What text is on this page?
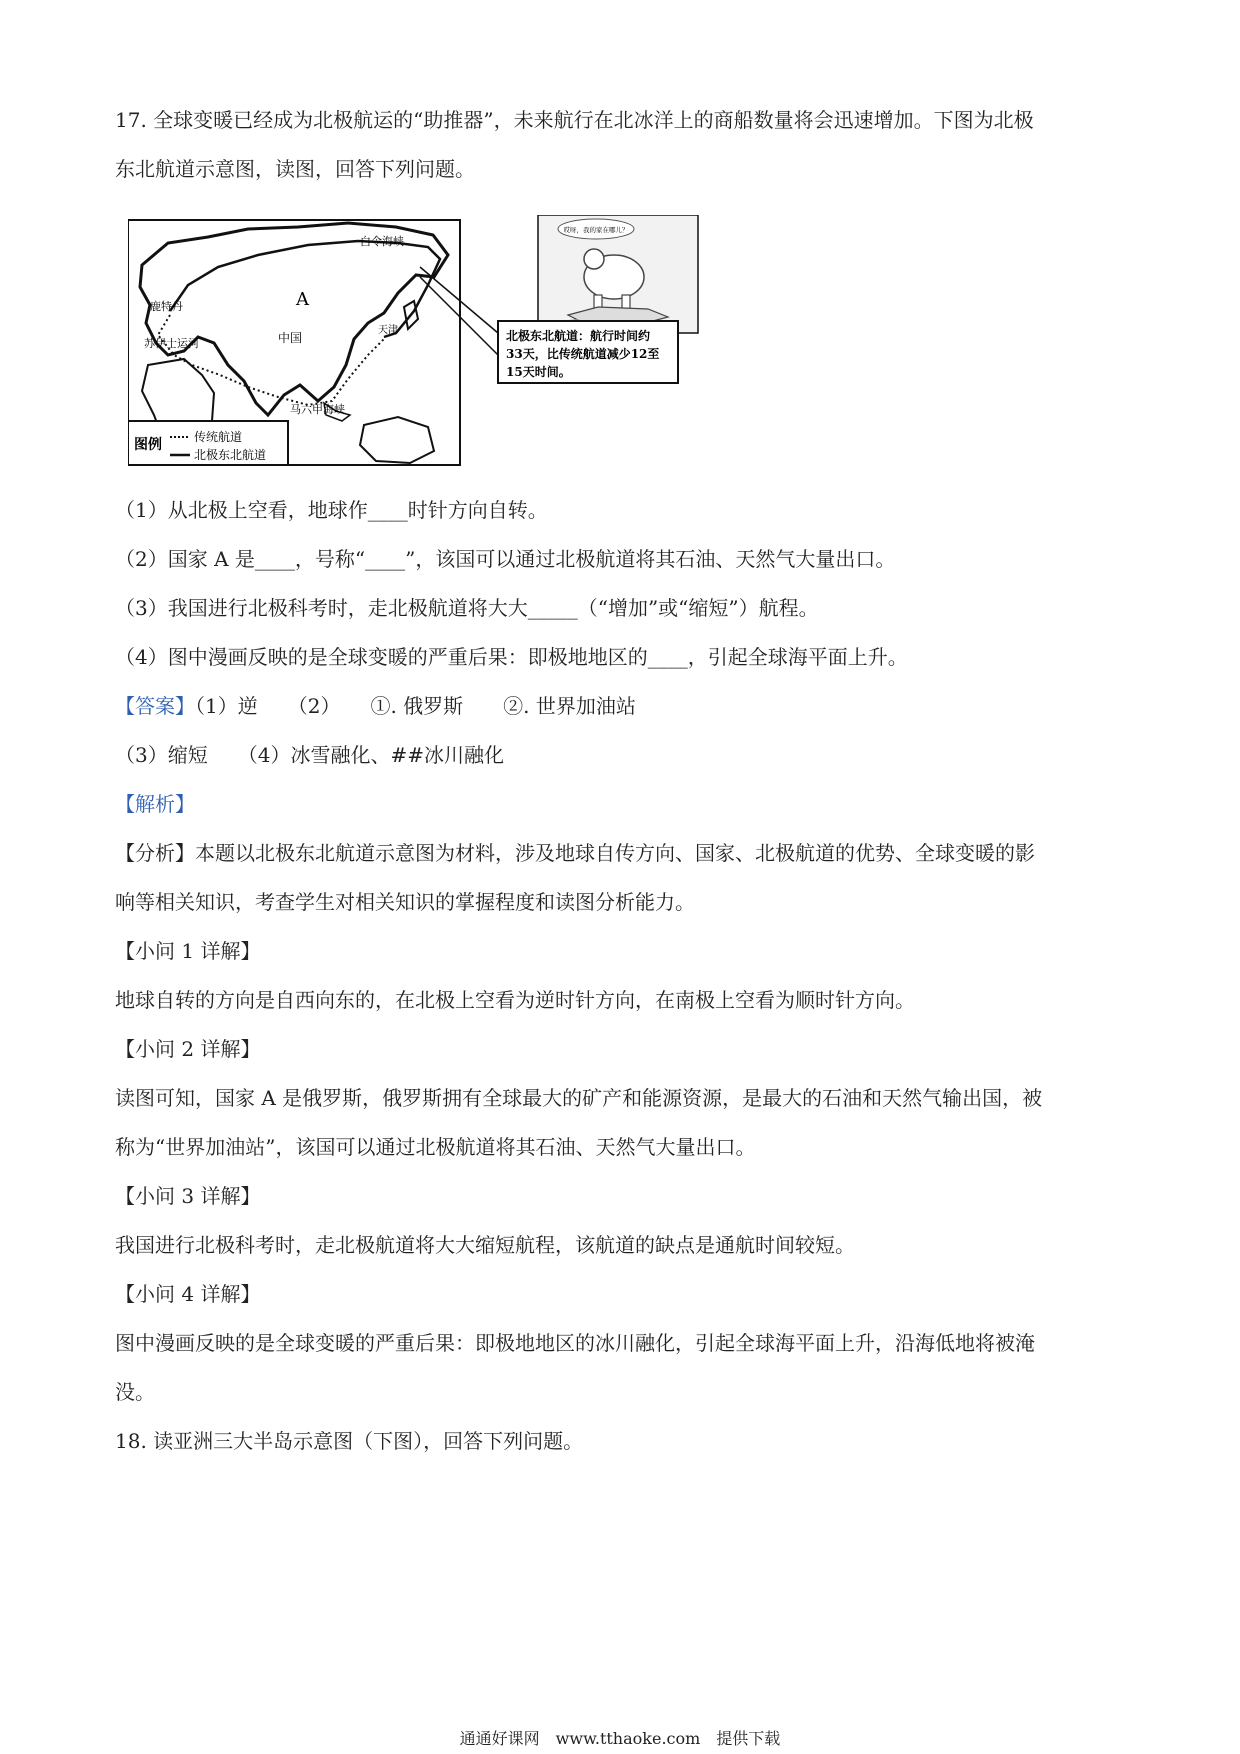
17. 全球变暖已经成为北极航运的“助推器”，未来航行在北冰洋上的商船数量将会迅速增加。下图为北极
东北航道示意图，读图，回答下列问题。
白令海峡
A
中国
鹿特丹
苏伊士运河
马六甲海峡
天津
图例	传统航道
北极东北航道
哎呀，我的家在哪儿？
北极东北航道：航行时间约
33天，比传统航道减少12至
15天时间。
（1）从北极上空看，地球作____时针方向自转。
（2）国家 A 是____，号称“____”，该国可以通过北极航道将其石油、天然气大量出口。
（3）我国进行北极科考时，走北极航道将大大_____（“增加”或“缩短”）航程。
（4）图中漫画反映的是全球变暖的严重后果：即极地地区的____，引起全球海平面上升。
【答案】（1）逆　　（2）　　①. 俄罗斯　　②. 世界加油站
（3）缩短　　（4）冰雪融化、##冰川融化
【解析】
【分析】本题以北极东北航道示意图为材料，涉及地球自传方向、国家、北极航道的优势、全球变暖的影
响等相关知识，考查学生对相关知识的掌握程度和读图分析能力。
【小问 1 详解】
地球自转的方向是自西向东的，在北极上空看为逆时针方向，在南极上空看为顺时针方向。
【小问 2 详解】
读图可知，国家 A 是俄罗斯，俄罗斯拥有全球最大的矿产和能源资源，是最大的石油和天然气输出国，被
称为“世界加油站”，该国可以通过北极航道将其石油、天然气大量出口。
【小问 3 详解】
我国进行北极科考时，走北极航道将大大缩短航程，该航道的缺点是通航时间较短。
【小问 4 详解】
图中漫画反映的是全球变暖的严重后果：即极地地区的冰川融化，引起全球海平面上升，沿海低地将被淹
没。
18. 读亚洲三大半岛示意图（下图），回答下列问题。
通通好课网　www.tthaoke.com　提供下载
